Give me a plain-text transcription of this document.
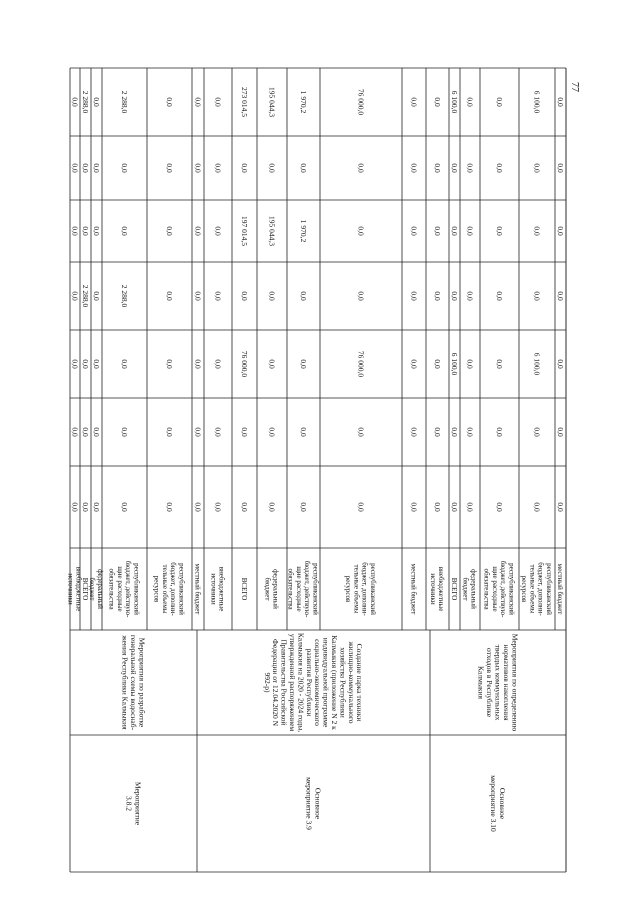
0,0
0,0
0,0
0,0
0,0
0,0
0,0
внебюджетныеисточники
2 288,0
0,0
0,0
2 288,0
0,0
0,0
0,0
ВСЕГО
0,0
0,0
0,0
0,0
0,0
0,0
0,0
федеральныйбюджет
2 288,0
0,0
0,0
2 288,0
0,0
0,0
0,0
республиканскийбюджет, действую-щие расходныеобязательства
0,0
0,0
0,0
0,0
0,0
0,0
0,0
республиканскийбюджет, дополни-тельные объемыресурсов
0,0
0,0
0,0
0,0
0,0
0,0
0,0
местный бюджет
0,0
0,0
0,0
0,0
0,0
0,0
0,0
внебюджетныеисточники
273 014,5
0,0
197 014,5
0,0
76 000,0
0,0
0,0
ВСЕГО
195 044,3
0,0
195 044,3
0,0
0,0
0,0
0,0
федеральныйбюджет
1 970,2
0,0
1 970,2
0,0
0,0
0,0
0,0
республиканскийбюджет, действую-щие расходныеобязательства
76 000,0
0,0
0,0
0,0
76 000,0
0,0
0,0
республиканскийбюджет, дополни-тельные объемыресурсов
0,0
0,0
0,0
0,0
0,0
0,0
0,0
местный бюджет
0,0
0,0
0,0
0,0
0,0
0,0
0,0
внебюджетныеисточники
6 100,0
0,0
0,0
0,0
6 100,0
0,0
0,0
ВСЕГО
0,0
0,0
0,0
0,0
0,0
0,0
0,0
федеральныйбюджет
0,0
0,0
0,0
0,0
0,0
0,0
0,0
республиканскийбюджет, действую-щие расходныеобязательства
6 100,0
0,0
0,0
0,0
6 100,0
0,0
0,0
республиканскийбюджет, дополни-тельные объемыресурсов
0,0
0,0
0,0
0,0
0,0
0,0
0,0
местный бюджет
Мероприятия по разработкегенеральной схемы водоснаб-жения Республики Калмыкия
Мероприятие3.8.2
Создание парка техникижилищно-коммунальногохозяйства РеспубликиКалмыкия (приложение N 2 киндивидуальной программесоциально-экономическогоразвития РеспубликиКалмыкия на 2020 - 2024 годы,утвержденной распоряжениемПравительства РоссийскойФедерации от 12.04.2020 N992-р)
Основноемероприятие 3.9
Мероприятия по определениюнормативов накоплениятвердых коммунальныхотходов в РеспубликеКалмыкия
Основноемероприятие 3.10
77
